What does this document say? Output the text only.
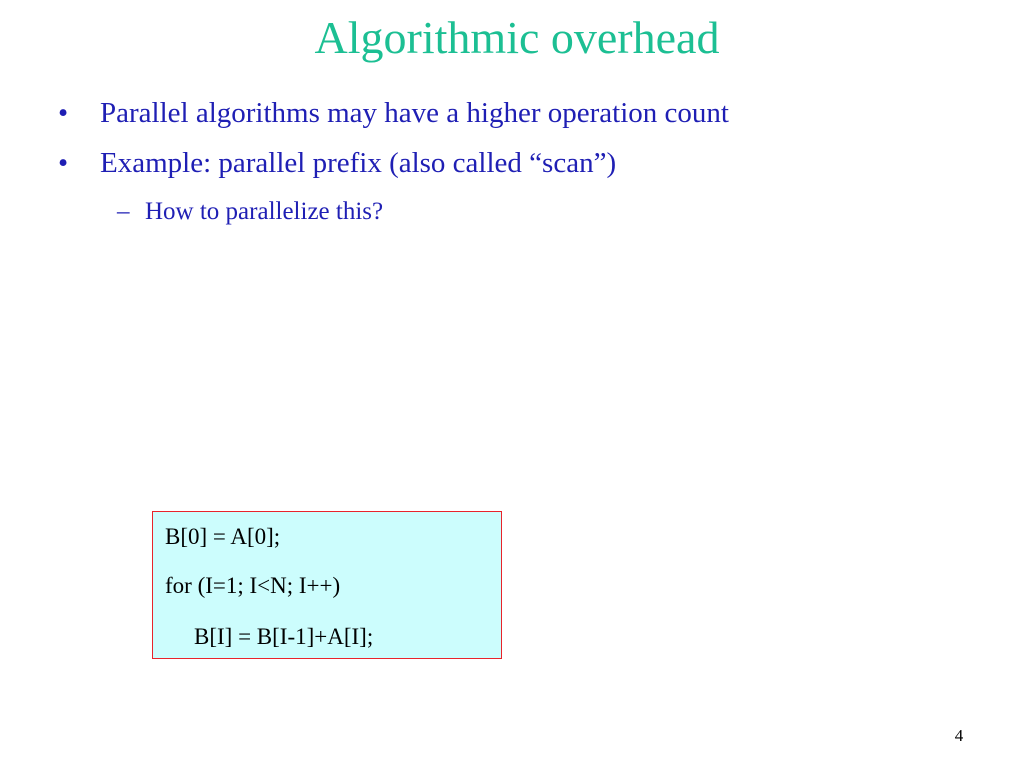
Algorithmic overhead
• Parallel algorithms may have a higher operation count
• Example: parallel prefix (also called “scan”)
– How to parallelize this?
B[0] = A[0];
for (I=1; I<N; I++)
B[I] = B[I-1]+A[I];
4
